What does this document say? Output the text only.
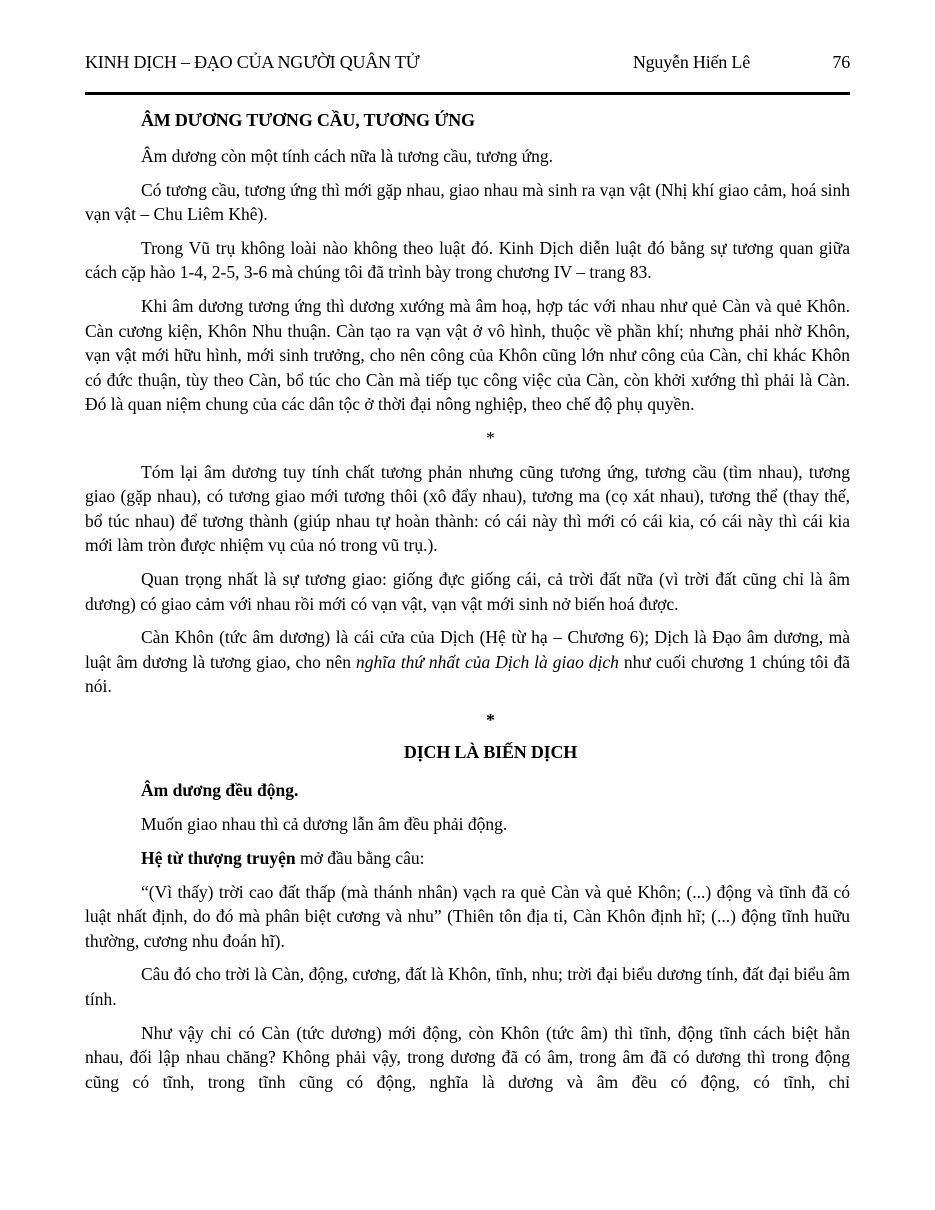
KINH DỊCH – ĐẠO CỦA NGƯỜI QUÂN TỬ	Nguyễn Hiến Lê	76
ÂM DƯƠNG TƯƠNG CẦU, TƯƠNG ỨNG

Âm dương còn một tính cách nữa là tương cầu, tương ứng.

Có tương cầu, tương ứng thì mới gặp nhau, giao nhau mà sinh ra vạn vật (Nhị khí giao cảm, hoá sinh vạn vật – Chu Liêm Khê).

Trong Vũ trụ không loài nào không theo luật đó. Kinh Dịch diễn luật đó bằng sự tương quan giữa cách cặp hào 1-4, 2-5, 3-6 mà chúng tôi đã trình bày trong chương IV – trang 83.

Khi âm dương tương ứng thì dương xướng mà âm hoạ, hợp tác với nhau như quẻ Càn và quẻ Khôn. Càn cương kiện, Khôn Nhu thuận. Càn tạo ra vạn vật ở vô hình, thuộc về phần khí; nhưng phải nhờ Khôn, vạn vật mới hữu hình, mới sinh trưởng, cho nên công của Khôn cũng lớn như công của Càn, chỉ khác Khôn có đức thuận, tùy theo Càn, bổ túc cho Càn mà tiếp tục công việc của Càn, còn khởi xướng thì phải là Càn. Đó là quan niệm chung của các dân tộc ở thời đại nông nghiệp, theo chế độ phụ quyền.

*

Tóm lại âm dương tuy tính chất tương phản nhưng cũng tương ứng, tương cầu (tìm nhau), tương giao (gặp nhau), có tương giao mới tương thôi (xô đẩy nhau), tương ma (cọ xát nhau), tương thể (thay thế, bổ túc nhau) để tương thành (giúp nhau tự hoàn thành: có cái này thì mới có cái kia, có cái này thì cái kia mới làm tròn được nhiệm vụ của nó trong vũ trụ.).

Quan trọng nhất là sự tương giao: giống đực giống cái, cả trời đất nữa (vì trời đất cũng chỉ là âm dương) có giao cảm với nhau rồi mới có vạn vật, vạn vật mới sinh nở biến hoá được.

Càn Khôn (tức âm dương) là cái cửa của Dịch (Hệ từ hạ – Chương 6); Dịch là Đạo âm dương, mà luật âm dương là tương giao, cho nên nghĩa thứ nhất của Dịch là giao dịch như cuối chương 1 chúng tôi đã nói.

*

DỊCH LÀ BIẾN DỊCH
Âm dương đều động.

Muốn giao nhau thì cả dương lẫn âm đều phải động.

Hệ từ thượng truyện mở đầu bằng câu:

“(Vì thấy) trời cao đất thấp (mà thánh nhân) vạch ra quẻ Càn và quẻ Khôn; (...) động và tĩnh đã có luật nhất định, do đó mà phân biệt cương và nhu” (Thiên tôn địa ti, Càn Khôn định hĩ; (...) động tĩnh huữu thường, cương nhu đoán hĩ).

Câu đó cho trời là Càn, động, cương, đất là Khôn, tĩnh, nhu; trời đại biểu dương tính, đất đại biểu âm tính.

Như vậy chỉ có Càn (tức dương) mới động, còn Khôn (tức âm) thì tĩnh, động tĩnh cách biệt hẳn nhau, đối lập nhau chăng? Không phải vậy, trong dương đã có âm, trong âm đã có dương thì trong động cũng có tĩnh, trong tĩnh cũng có động, nghĩa là dương và âm đều có động, có tĩnh, chỉ
